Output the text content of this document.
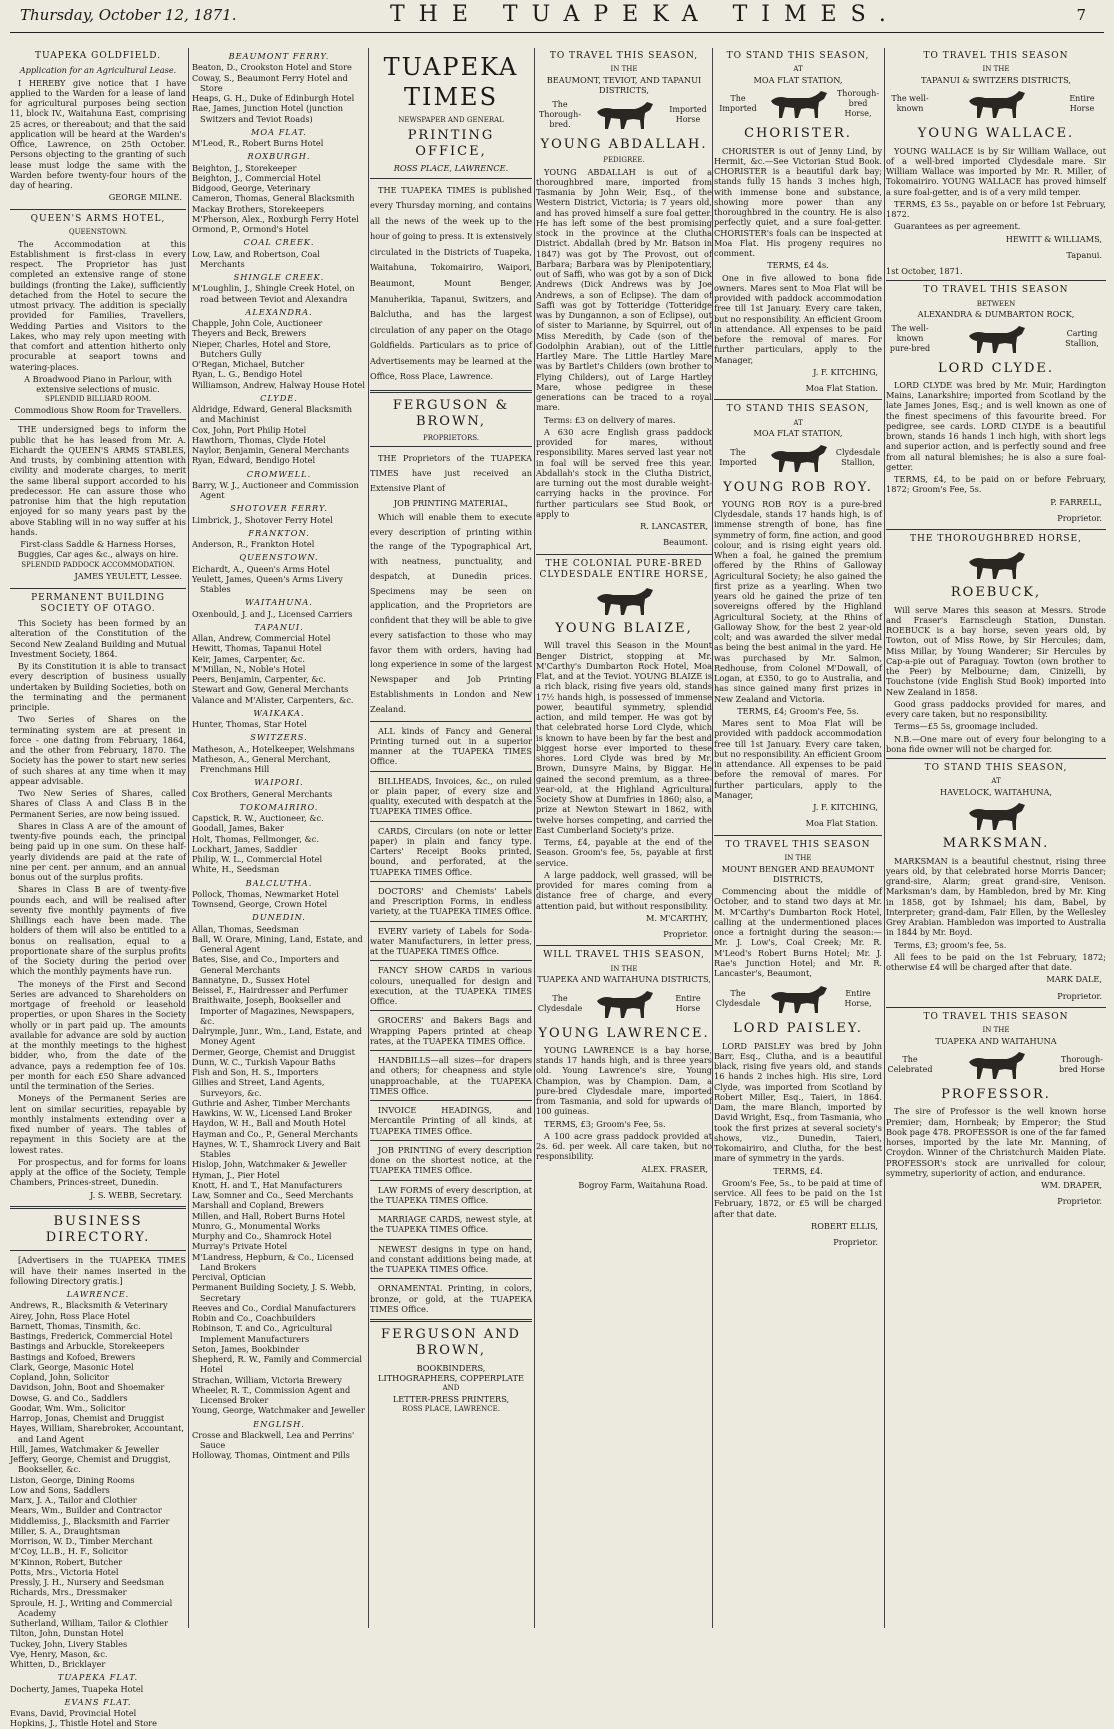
Thursday, October 12, 1871.	THE TUAPEKA TIMES.	7
TUAPEKA GOLDFIELD.
Application for an Agricultural Lease.

I HEREBY give notice that I have applied to the Warden for a lease of land for agricultural purposes being section 11, block IV., Waitahuna East, comprising 25 acres, or thereabout; and that the said application will be heard at the Warden's Office, Lawrence, on 25th October. Persons objecting to the granting of such lease must lodge the same with the Warden before twenty-four hours of the day of hearing.

GEORGE MILNE.
QUEEN'S ARMS HOTEL,
QUEENSTOWN.

The Accommodation at this Establishment is first-class in every respect. The Proprietor has just completed an extensive range of stone buildings (fronting the Lake), sufficiently detached from the Hotel to secure the utmost privacy. The addition is specially provided for Families, Travellers, Wedding Parties and Visitors to the Lakes, who may rely upon meeting with that comfort and attention hitherto only procurable at seaport towns and watering-places.

A Broadwood Piano in Parlour, with extensive selections of music.
SPLENDID BILLIARD ROOM.
Commodious Show Room for Travellers.

THE undersigned begs to inform the public that he has leased from Mr. A. Eichardt the QUEEN'S ARMS STABLES, And trusts, by combining attention with civility and moderate charges, to merit the same liberal support accorded to his predecessor. He can assure those who patronise him that the high reputation enjoyed for so many years past by the above Stabling will in no way suffer at his hands.

First-class Saddle & Harness Horses, Buggies, Car ages &c., always on hire.
SPLENDID PADDOCK ACCOMMODATION.
JAMES YEULETT, Lessee.
PERMANENT BUILDING SOCIETY OF OTAGO.

This Society has been formed by an alteration of the Constitution of the Second New Zealand Building and Mutual Investment Society, 1864.

By its Constitution it is able to transact every description of business usually undertaken by Building Societies, both on the terminating and the permanent principle.

Two Series of Shares on the terminating system are at present in force - one dating from February, 1864, and the other from February, 1870. The Society has the power to start new series of such shares at any time when it may appear advisable.

Two New Series of Shares, called Shares of Class A and Class B in the Permanent Series, are now being issued.

Shares in Class A are of the amount of twenty-five pounds each, the principal being paid up in one sum. On these half-yearly dividends are paid at the rate of nine per cent. per annum, and an annual bonus out of the surplus profits.

Shares in Class B are of twenty-five pounds each, and will be realised after seventy five monthly payments of five Shillings each have been made. The holders of them will also be entitled to a bonus on realisation, equal to a proportionate share of the surplus profits of the Society during the period over which the monthly payments have run.

The moneys of the First and Second Series are advanced to Shareholders on mortgage of freehold or leasehold properties, or upon Shares in the Society wholly or in part paid up. The amounts available for advance are sold by auction at the monthly meetings to the highest bidder, who, from the date of the advance, pays a redemption fee of 10s. per month for each £50 Share advanced until the termination of the Series.

Moneys of the Permanent Series are lent on similar securities, repayable by monthly instalments extending over a fixed number of years. The tables of repayment in this Society are at the lowest rates.

For prospectus, and for forms for loans apply at the office of the Society, Temple Chambers, Princes-street, Dunedin.

J. S. WEBB, Secretary.
BUSINESS DIRECTORY.

[Advertisers in the TUAPEKA TIMES will have their names inserted in the following Directory gratis.]

LAWRENCE.
Andrews, R., Blacksmith & Veterinary
Airey, John, Ross Place Hotel
Barnett, Thomas, Tinsmith, &c.
Bastings, Frederick, Commercial Hotel
Bastings and Arbuckle, Storekeepers
Bastings and Kofoed, Brewers
Clark, George, Masonic Hotel
Copland, John, Solicitor
Davidson, John, Boot and Shoemaker
Dowse, G. and Co., Saddlers
Goodar, Wm. Wm., Solicitor
Harrop, Jonas, Chemist and Druggist
Hayes, William, Sharebroker, Accountant, and Land Agent
Hill, James, Watchmaker & Jeweller
Jeffery, George, Chemist and Druggist, Bookseller, &c.
Liston, George, Dining Rooms
Low and Sons, Saddlers
Marx, J. A., Tailor and Clothier
Mears, Wm., Builder and Contractor
Middlemiss, J., Blacksmith and Farrier
Miller, S. A., Draughtsman
Morrison, W. D., Timber Merchant
M'Coy, LL.B., H. F., Solicitor
M'Kinnon, Robert, Butcher
Potts, Mrs., Victoria Hotel
Pressly, J. H., Nursery and Seedsman
Richards, Mrs., Dressmaker
Sproule, H. J., Writing and Commercial Academy
Sutherland, William, Tailor & Clothier
Tilton, John, Dunstan Hotel
Tuckey, John, Livery Stables
Vye, Henry, Mason, &c.
Whitten, D., Bricklayer
TUAPEKA FLAT.
Docherty, James, Tuapeka Hotel
EVANS FLAT.
Evans, David, Provincial Hotel
Hopkins, J., Thistle Hotel and Store
BEAUMONT FERRY.
Beaton, D., Crookston Hotel and Store
Coway, S., Beaumont Ferry Hotel and Store
Heaps, G. H., Duke of Edinburgh Hotel
Rae, James, Junction Hotel (junction Switzers and Teviot Roads)
MOA FLAT.
M'Leod, R., Robert Burns Hotel
ROXBURGH.
Beighton, J., Storekeeper
Beighton, J., Commercial Hotel
Bidgood, George, Veterinary
Cameron, Thomas, General Blacksmith
Mackay Brothers, Storekeepers
M'Pherson, Alex., Roxburgh Ferry Hotel
Ormond, P., Ormond's Hotel
COAL CREEK.
Low, Law, and Robertson, Coal Merchants
SHINGLE CREEK.
M'Loughlin, J., Shingle Creek Hotel, on road between Teviot and Alexandra
ALEXANDRA.
Chapple, John Cole, Auctioneer
Theyers and Beck, Brewers
Nieper, Charles, Hotel and Store, Butchers Gully
O'Regan, Michael, Butcher
Ryan, L. G., Bendigo Hotel
Williamson, Andrew, Halway House Hotel
CLYDE.
Aldridge, Edward, General Blacksmith and Machinist
Cox, John, Port Philip Hotel
Hawthorn, Thomas, Clyde Hotel
Naylor, Benjamin, General Merchants
Ryan, Edward, Bendigo Hotel
CROMWELL.
Barry, W. J., Auctioneer and Commission Agent
SHOTOVER FERRY.
Limbrick, J., Shotover Ferry Hotel
FRANKTON.
Anderson, R., Frankton Hotel
QUEENSTOWN.
Eichardt, A., Queen's Arms Hotel
Yeulett, James, Queen's Arms Livery Stables
WAITAHUNA.
Oxenbould, J. and J., Licensed Carriers
TAPANUI.
Allan, Andrew, Commercial Hotel
Hewitt, Thomas, Tapanui Hotel
Keir, James, Carpenter, &c.
M'Millan, N., Noble's Hotel
Peers, Benjamin, Carpenter, &c.
Stewart and Gow, General Merchants
Valance and M'Alister, Carpenters, &c.
WAIKAKA.
Hunter, Thomas, Star Hotel
SWITZERS.
Matheson, A., Hotelkeeper, Welshmans
Matheson, A., General Merchant, Frenchmans Hill
WAIPORI.
Cox Brothers, General Merchants
TOKOMAIRIRO.
Capstick, R. W., Auctioneer, &c.
Goodall, James, Baker
Holt, Thomas, Fellmonger, &c.
Lockhart, James, Saddler
Philip, W. L., Commercial Hotel
White, H., Seedsman
BALCLUTHA.
Pollock, Thomas, Newmarket Hotel
Townsend, George, Crown Hotel
DUNEDIN.
Allan, Thomas, Seedsman
Ball, W. Orare, Mining, Land, Estate, and General Agent
Bates, Sise, and Co., Importers and General Merchants
Bannatyne, D., Sussex Hotel
Beissel, F., Hairdresser and Perfumer
Braithwaite, Joseph, Bookseller and Importer of Magazines, Newspapers, &c.
Dalrymple, Junr., Wm., Land, Estate, and Money Agent
Dermer, George, Chemist and Druggist
Dunn, W. C., Turkish Vapour Baths
Fish and Son, H. S., Importers
Gillies and Street, Land Agents, Surveyors, &c.
Guthrie and Asher, Timber Merchants
Hawkins, W. W., Licensed Land Broker
Haydon, W. H., Ball and Mouth Hotel
Hayman and Co., P., General Merchants
Haynes, W. T., Shamrock Livery and Bait Stables
Hislop, John, Watchmaker & Jeweller
Hyman, J., Pier Hotel
Knott, H. and T., Hat Manufacturers
Law, Somner and Co., Seed Merchants
Marshall and Copland, Brewers
Millen, and Hall, Robert Burns Hotel
Munro, G., Monumental Works
Murphy and Co., Shamrock Hotel
Murray's Private Hotel
M'Landress, Hepburn, & Co., Licensed Land Brokers
Percival, Optician
Permanent Building Society, J. S. Webb, Secretary
Reeves and Co., Cordial Manufacturers
Robin and Co., Coachbuilders
Robinson, T. and Co., Agricultural Implement Manufacturers
Seton, James, Bookbinder
Shepherd, R. W., Family and Commercial Hotel
Strachan, William, Victoria Brewery
Wheeler, R. T., Commission Agent and Licensed Broker
Young, George, Watchmaker and Jeweller
ENGLISH.
Crosse and Blackwell, Lea and Perrins' Sauce
Holloway, Thomas, Ointment and Pills
TUAPEKA TIMES
NEWSPAPER AND GENERAL
PRINTING OFFICE,
ROSS PLACE, LAWRENCE.

THE TUAPEKA TIMES is published every Thursday morning, and contains all the news of the week up to the hour of going to press. It is extensively circulated in the Districts of Tuapeka, Waitahuna, Tokomairiro, Waipori, Beaumont, Mount Benger, Manuherikia, Tapanui, Switzers, and Balclutha, and has the largest circulation of any paper on the Otago Goldfields. Particulars as to price of Advertisements may be learned at the Office, Ross Place, Lawrence.

FERGUSON & BROWN,
PROPRIETORS.

THE Proprietors of the TUAPEKA TIMES have just received an Extensive Plant of

JOB PRINTING MATERIAL,

Which will enable them to execute every description of printing within the range of the Typographical Art, with neatness, punctuality, and despatch, at Dunedin prices. Specimens may be seen on application, and the Proprietors are confident that they will be able to give every satisfaction to those who may favor them with orders, having had long experience in some of the largest Newspaper and Job Printing Establishments in London and New Zealand.

ALL kinds of Fancy and General Printing turned out in a superior manner at the TUAPEKA TIMES Office.

BILLHEADS, Invoices, &c., on ruled or plain paper, of every size and quality, executed with despatch at the TUAPEKA TIMES Office.

CARDS, Circulars (on note or letter paper) in plain and fancy type. Carters' Receipt Books printed, bound, and perforated, at the TUAPEKA TIMES Office.

DOCTORS' and Chemists' Labels and Prescription Forms, in endless variety, at the TUAPEKA TIMES Office.

EVERY variety of Labels for Soda-water Manufacturers, in letter press, at the TUAPEKA TIMES Office.

FANCY SHOW CARDS in various colours, unequalled for design and execution, at the TUAPEKA TIMES Office.

GROCERS' and Bakers Bags and Wrapping Papers printed at cheap rates, at the TUAPEKA TIMES Office.

HANDBILLS—all sizes—for drapers and others; for cheapness and style unapproachable, at the TUAPEKA TIMES Office.

INVOICE HEADINGS, and Mercantile Printing of all kinds, at TUAPEKA TIMES Office.

JOB PRINTING of every description done on the shortest notice, at the TUAPEKA TIMES Office.

LAW FORMS of every description, at the TUAPEKA TIMES Office.

MARRIAGE CARDS, newest style, at the TUAPEKA TIMES Office.

NEWEST designs in type on hand, and constant additions being made, at the TUAPEKA TIMES Office.

ORNAMENTAL Printing, in colors, bronze, or gold, at the TUAPEKA TIMES Office.

FERGUSON AND BROWN,
BOOKBINDERS,
LITHOGRAPHERS, COPPERPLATE
AND
LETTER-PRESS PRINTERS,
ROSS PLACE, LAWRENCE.
TO TRAVEL THIS SEASON,
IN THE
BEAUMONT, TEVIOT, AND TAPANUI DISTRICTS,
The Thorough-bred.
Imported Horse
YOUNG ABDALLAH.
PEDIGREE.

YOUNG ABDALLAH is out of a thoroughbred mare, imported from Tasmania by John Weir, Esq., of the Western District, Victoria; is 7 years old, and has proved himself a sure foal getter. He has left some of the best promising stock in the province at the Clutha District. Abdallah (bred by Mr. Batson in 1847) was got by The Provost, out of Barbara; Barbara was by Plenipotentiary, out of Saffi, who was got by a son of Dick Andrews (Dick Andrews was by Joe Andrews, a son of Eclipse). The dam of Saffi was got by Totteridge (Totteridge was by Dungannon, a son of Eclipse), out of sister to Marianne, by Squirrel, out of Miss Meredith, by Cade (son of the Godolphin Arabian), out of the Little Hartley Mare. The Little Hartley Mare was by Bartlet's Childers (own brother to Flying Childers), out of Large Hartley Mare, whose pedigree in these generations can be traced to a royal mare.

Terms: £3 on delivery of mares.

A 630 acre English grass paddock provided for mares, without responsibility. Mares served last year not in foal will be served free this year. Abdallah's stock in the Clutha District, are turning out the most durable weight-carrying hacks in the province. For further particulars see Stud Book, or apply to

R. LANCASTER,
Beaumont.
THE COLONIAL PURE-BRED CLYDESDALE ENTIRE HORSE,
YOUNG BLAIZE,

Will travel this Season in the Mount Benger District, stopping at Mr. M'Carthy's Dumbarton Rock Hotel, Moa Flat, and at the Teviot. YOUNG BLAIZE is a rich black, rising five years old, stands 17½ hands high, is possessed of immense power, beautiful symmetry, splendid action, and mild temper. He was got by that celebrated horse Lord Clyde, which is known to have been by far the best and biggest horse ever imported to these shores. Lord Clyde was bred by Mr. Brown, Dunsyre Mains, by Biggar. He gained the second premium, as a three-year-old, at the Highland Agricultural Society Show at Dumfries in 1860; also, a prize at Newton Stewart in 1862, with twelve horses competing, and carried the East Cumberland Society's prize.

Terms, £4, payable at the end of the Season. Groom's fee, 5s, payable at first service.

A large paddock, well grassed, will be provided for mares coming from a distance free of charge, and every attention paid, but without responsibility.

M. M'CARTHY,
Proprietor.
WILL TRAVEL THIS SEASON,
IN THE
TUAPEKA AND WAITAHUNA DISTRICTS,
The Clydesdale
Entire Horse
YOUNG LAWRENCE.

YOUNG LAWRENCE is a bay horse, stands 17 hands high, and is three years old. Young Lawrence's sire, Young Champion, was by Champion. Dam, a pure-bred Clydesdale mare, imported from Tasmania, and sold for upwards of 100 guineas.

TERMS, £3; Groom's Fee, 5s.

A 100 acre grass paddock provided at 2s. 6d. per week. All care taken, but no responsibility.

ALEX. FRASER,
Bogroy Farm, Waitahuna Road.
TO STAND THIS SEASON,
AT
MOA FLAT STATION,
The Imported
Thorough-bred Horse,
CHORISTER.

CHORISTER is out of Jenny Lind, by Hermit, &c.—See Victorian Stud Book. CHORISTER is a beautiful dark bay; stands fully 15 hands 3 inches high, with immense bone and substance, showing more power than any thoroughbred in the country. He is also perfectly quiet, and a sure foal-getter. CHORISTER's foals can be inspected at Moa Flat. His progeny requires no comment.

TERMS, £4 4s.

One in five allowed to bona fide owners. Mares sent to Moa Flat will be provided with paddock accommodation free till 1st January. Every care taken, but no responsibility. An efficient Groom in attendance. All expenses to be paid before the removal of mares. For further particulars, apply to the Manager,

J. F. KITCHING,
Moa Flat Station.
TO STAND THIS SEASON,
AT
MOA FLAT STATION,
The Imported
Clydesdale Stallion,
YOUNG ROB ROY.

YOUNG ROB ROY is a pure-bred Clydesdale, stands 17 hands high, is of immense strength of bone, has fine symmetry of form, fine action, and good colour, and is rising eight years old. When a foal, he gained the premium offered by the Rhins of Galloway Agricultural Society; he also gained the first prize as a yearling. When two years old he gained the prize of ten sovereigns offered by the Highland Agricultural Society, at the Rhins of Galloway Show, for the best 2 year-old colt; and was awarded the silver medal as being the best animal in the yard. He was purchased by Mr. Salmon, Redhouse, from Colonel M'Dowall, of Logan, at £350, to go to Australia, and has since gained many first prizes in New Zealand and Victoria.

TERMS, £4; Groom's Fee, 5s.

Mares sent to Moa Flat will be provided with paddock accommodation free till 1st January. Every care taken, but no responsibility. An efficient Groom in attendance. All expenses to be paid before the removal of mares. For further particulars, apply to the Manager,

J. F. KITCHING,
Moa Flat Station.
TO TRAVEL THIS SEASON
IN THE
MOUNT BENGER AND BEAUMONT DISTRICTS,

Commencing about the middle of October, and to stand two days at Mr. M. M'Carthy's Dumbarton Rock Hotel, calling at the undermentioned places once a fortnight during the season:— Mr. J. Low's, Coal Creek; Mr. R. M'Leod's Robert Burns Hotel; Mr. J. Rae's Junction Hotel; and Mr. R. Lancaster's, Beaumont,

The Clydesdale
Entire Horse,
LORD PAISLEY.

LORD PAISLEY was bred by John Barr, Esq., Clutha, and is a beautiful black, rising five years old, and stands 16 hands 2 inches high. His sire, Lord Clyde, was imported from Scotland by Robert Miller, Esq., Taieri, in 1864. Dam, the mare Blanch, imported by David Wright, Esq., from Tasmania, who took the first prizes at several society's shows, viz., Dunedin, Taieri, Tokomairiro, and Clutha, for the best mare of symmetry in the yards.

TERMS, £4.

Groom's Fee, 5s., to be paid at time of service. All fees to be paid on the 1st February, 1872, or £5 will be charged after that date.

ROBERT ELLIS,
Proprietor.
TO TRAVEL THIS SEASON
IN THE
TAPANUI & SWITZERS DISTRICTS,
The well-known
Entire Horse
YOUNG WALLACE.

YOUNG WALLACE is by Sir William Wallace, out of a well-bred imported Clydesdale mare. Sir William Wallace was imported by Mr. R. Miller, of Tokomairiro. YOUNG WALLACE has proved himself a sure foal-getter, and is of a very mild temper.

TERMS, £3 5s., payable on or before 1st February, 1872.

Guarantees as per agreement.

HEWITT & WILLIAMS,
Tapanui.
1st October, 1871.
TO TRAVEL THIS SEASON
BETWEEN
ALEXANDRA & DUMBARTON ROCK,
The well-known pure-bred
Carting Stallion,
LORD CLYDE.

LORD CLYDE was bred by Mr. Muir, Hardington Mains, Lanarkshire; imported from Scotland by the late James Jones, Esq.; and is well known as one of the finest specimens of this favourite breed. For pedigree, see cards. LORD CLYDE is a beautiful brown, stands 16 hands 1 inch high, with short legs and superior action, and is perfectly sound and free from all natural blemishes; he is also a sure foal-getter.

TERMS, £4, to be paid on or before February, 1872; Groom's Fee, 5s.

P. FARRELL,
Proprietor.
THE THOROUGHBRED HORSE,
ROEBUCK,

Will serve Mares this season at Messrs. Strode and Fraser's Earnscleugh Station, Dunstan. ROEBUCK is a bay horse, seven years old, by Towton, out of Miss Rowe, by Sir Hercules; dam, Miss Millar, by Young Wanderer; Sir Hercules by Cap-a-pie out of Paraguay. Towton (own brother to the Peer) by Melbourne; dam, Cinizelli, by Touchstone (vide English Stud Book) imported into New Zealand in 1858.

Good grass paddocks provided for mares, and every care taken, but no responsibility.

Terms—£5 5s, groomage included.

N.B.—One mare out of every four belonging to a bona fide owner will not be charged for.

TO STAND THIS SEASON,
AT
HAVELOCK, WAITAHUNA,
MARKSMAN.

MARKSMAN is a beautiful chestnut, rising three years old, by that celebrated horse Morris Dancer; grand-sire, Alarm; great grand-sire, Venison. Marksman's dam, by Hambledon, bred by Mr. King in 1858, got by Ishmael; his dam, Babel, by Interpreter; grand-dam, Fair Ellen, by the Wellesley Grey Arabian. Hambledon was imported to Australia in 1844 by Mr. Boyd.

Terms, £3; groom's fee, 5s.

All fees to be paid on the 1st February, 1872; otherwise £4 will be charged after that date.

MARK DALE,
Proprietor.
TO TRAVEL THIS SEASON
IN THE
TUAPEKA AND WAITAHUNA
The Celebrated
Thorough-bred Horse
PROFESSOR.

The sire of Professor is the well known horse Premier; dam, Hornbeak; by Emperor; the Stud Book page 478. PROFESSOR is one of the far famed horses, imported by the late Mr. Manning, of Croydon. Winner of the Christchurch Maiden Plate. PROFESSOR's stock are unrivalled for colour, symmetry, superiority of action, and endurance.

WM. DRAPER,
Proprietor.
